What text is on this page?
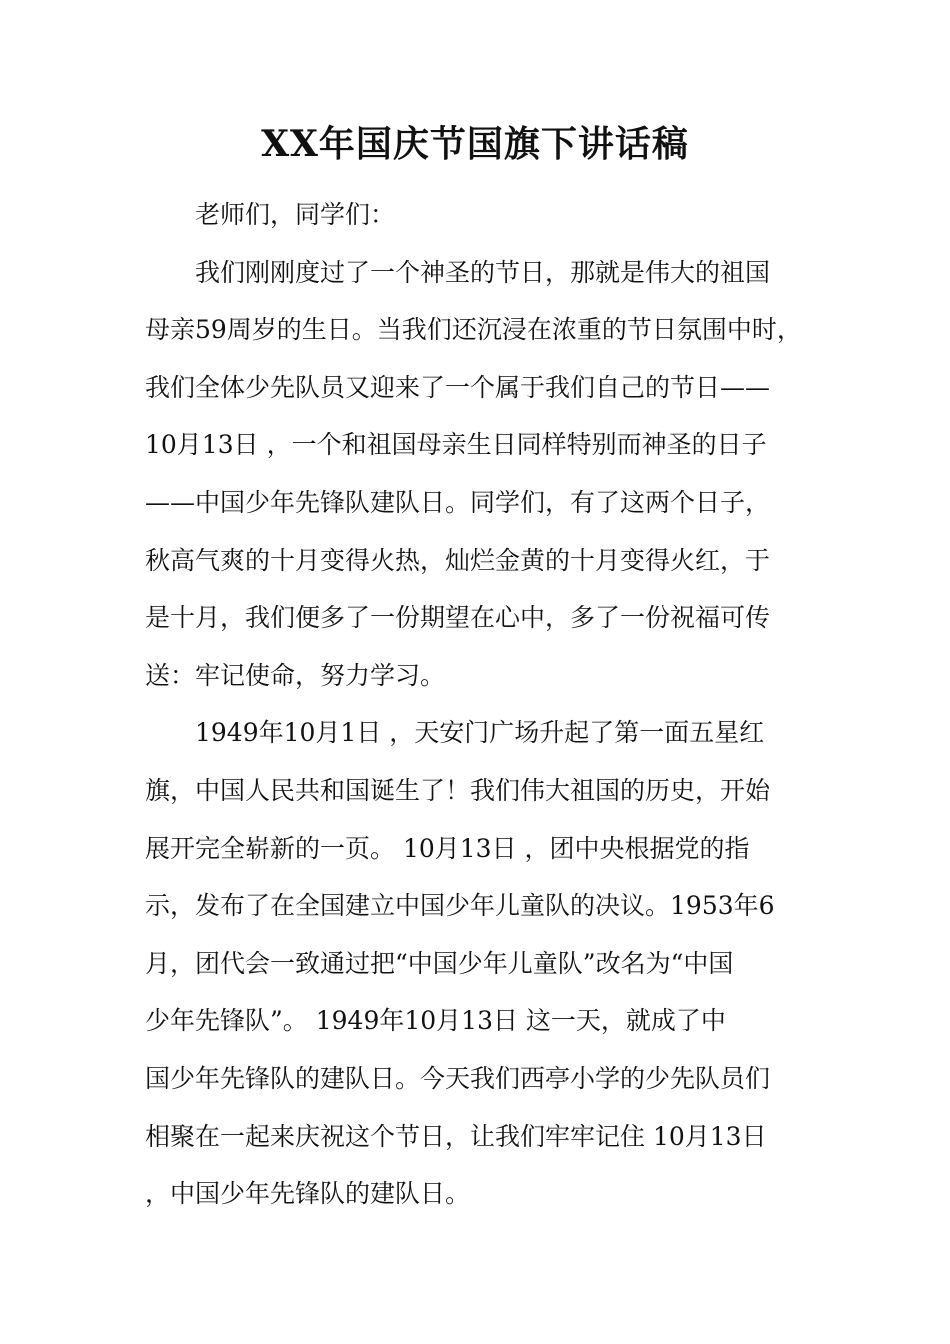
XX年国庆节国旗下讲话稿
老师们，同学们：
我们刚刚度过了一个神圣的节日，那就是伟大的祖国
母亲59周岁的生日。当我们还沉浸在浓重的节日氛围中时，
我们全体少先队员又迎来了一个属于我们自己的节日——
10月13日 ，一个和祖国母亲生日同样特别而神圣的日子
——中国少年先锋队建队日。同学们，有了这两个日子，
秋高气爽的十月变得火热，灿烂金黄的十月变得火红，于
是十月，我们便多了一份期望在心中，多了一份祝福可传
送：牢记使命，努力学习。
1949年10月1日 ，天安门广场升起了第一面五星红
旗，中国人民共和国诞生了！我们伟大祖国的历史，开始
展开完全崭新的一页。 10月13日 ，团中央根据党的指
示，发布了在全国建立中国少年儿童队的决议。1953年6
月，团代会一致通过把“中国少年儿童队”改名为“中国
少年先锋队”。 1949年10月13日 这一天，就成了中
国少年先锋队的建队日。今天我们西亭小学的少先队员们
相聚在一起来庆祝这个节日，让我们牢牢记住 10月13日
，中国少年先锋队的建队日。
